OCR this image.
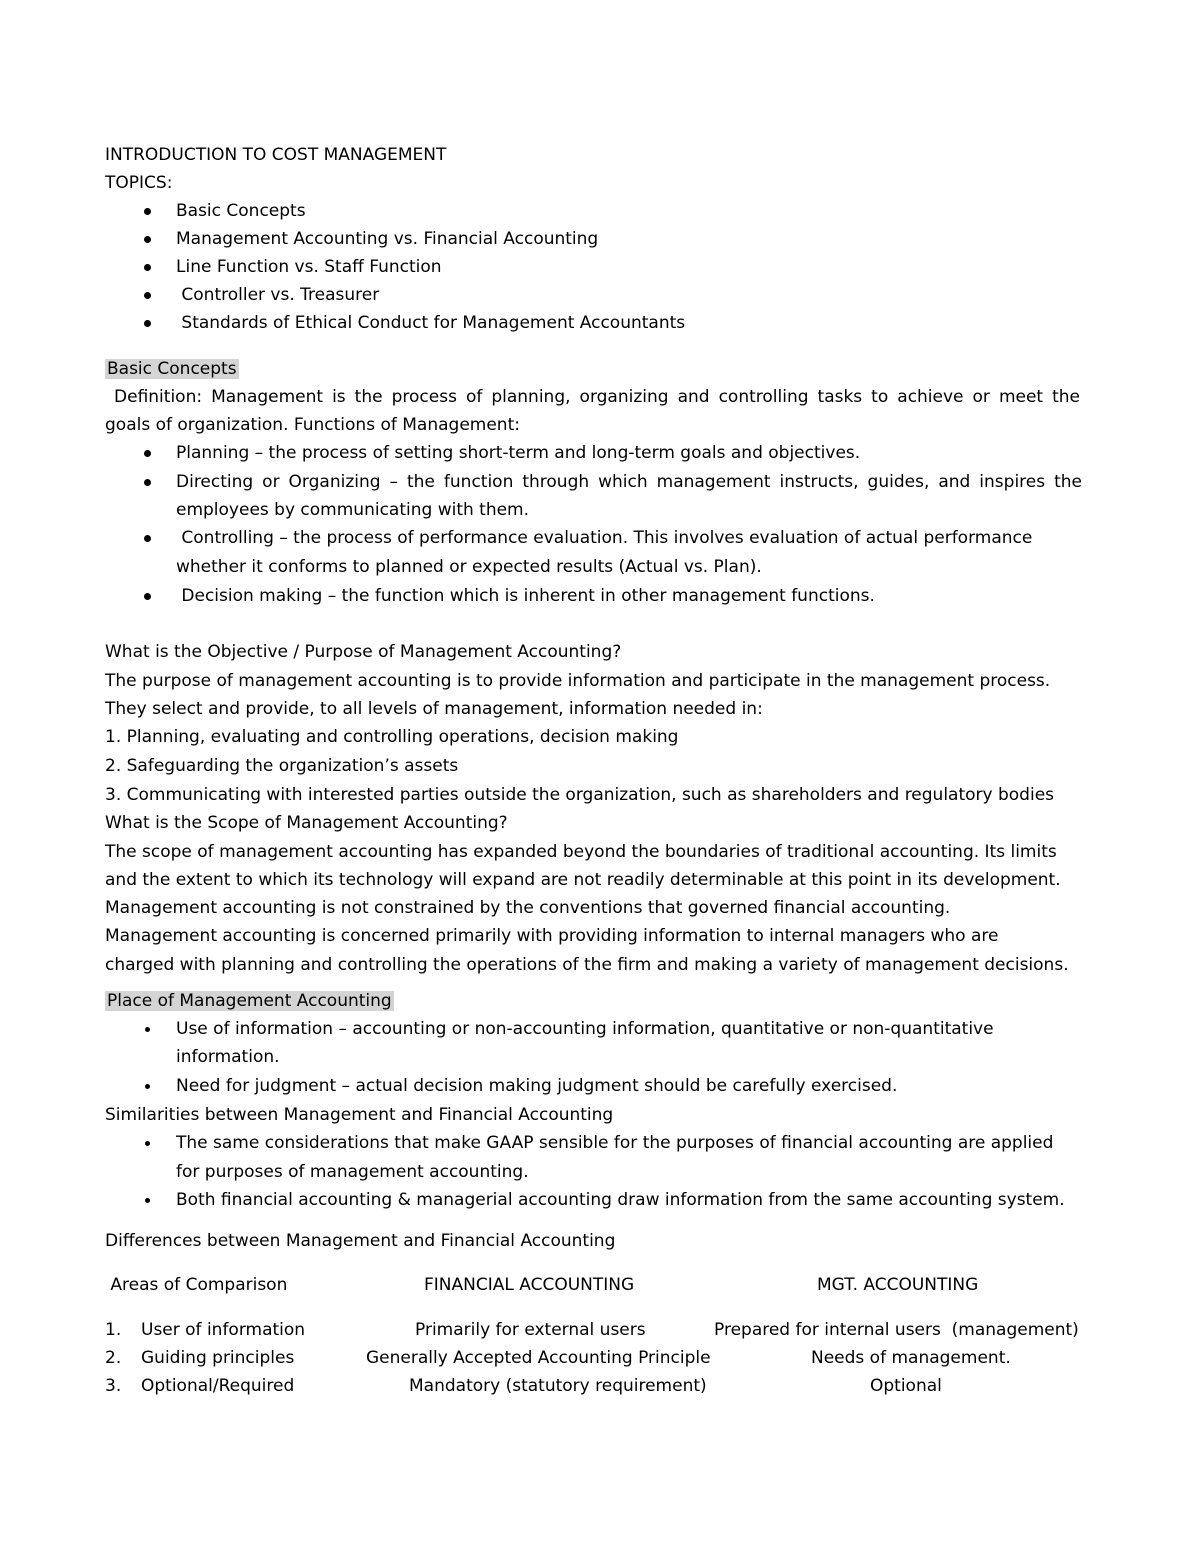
INTRODUCTION TO COST MANAGEMENT
TOPICS:
Basic Concepts
Management Accounting vs. Financial Accounting
Line Function vs. Staff Function
Controller vs. Treasurer
Standards of Ethical Conduct for Management Accountants
Basic Concepts
Definition: Management is the process of planning, organizing and controlling tasks to achieve or meet the
goals of organization. Functions of Management:
Planning – the process of setting short-term and long-term goals and objectives.
Directing or Organizing – the function through which management instructs, guides, and inspires the
employees by communicating with them.
Controlling – the process of performance evaluation. This involves evaluation of actual performance
whether it conforms to planned or expected results (Actual vs. Plan).
Decision making – the function which is inherent in other management functions.
What is the Objective / Purpose of Management Accounting?
The purpose of management accounting is to provide information and participate in the management process.
They select and provide, to all levels of management, information needed in:
1. Planning, evaluating and controlling operations, decision making
2. Safeguarding the organization’s assets
3. Communicating with interested parties outside the organization, such as shareholders and regulatory bodies
What is the Scope of Management Accounting?
The scope of management accounting has expanded beyond the boundaries of traditional accounting. Its limits
and the extent to which its technology will expand are not readily determinable at this point in its development.
Management accounting is not constrained by the conventions that governed financial accounting.
Management accounting is concerned primarily with providing information to internal managers who are
charged with planning and controlling the operations of the firm and making a variety of management decisions.
Place of Management Accounting
Use of information – accounting or non-accounting information, quantitative or non-quantitative
information.
Need for judgment – actual decision making judgment should be carefully exercised.
Similarities between Management and Financial Accounting
The same considerations that make GAAP sensible for the purposes of financial accounting are applied
for purposes of management accounting.
Both financial accounting & managerial accounting draw information from the same accounting system.
Differences between Management and Financial Accounting
Areas of Comparison	FINANCIAL ACCOUNTING	MGT. ACCOUNTING
1. User of information	Primarily for external users	Prepared for internal users  (management)
2. Guiding principles	Generally Accepted Accounting Principle	Needs of management.
3. Optional/Required	Mandatory (statutory requirement)	Optional
